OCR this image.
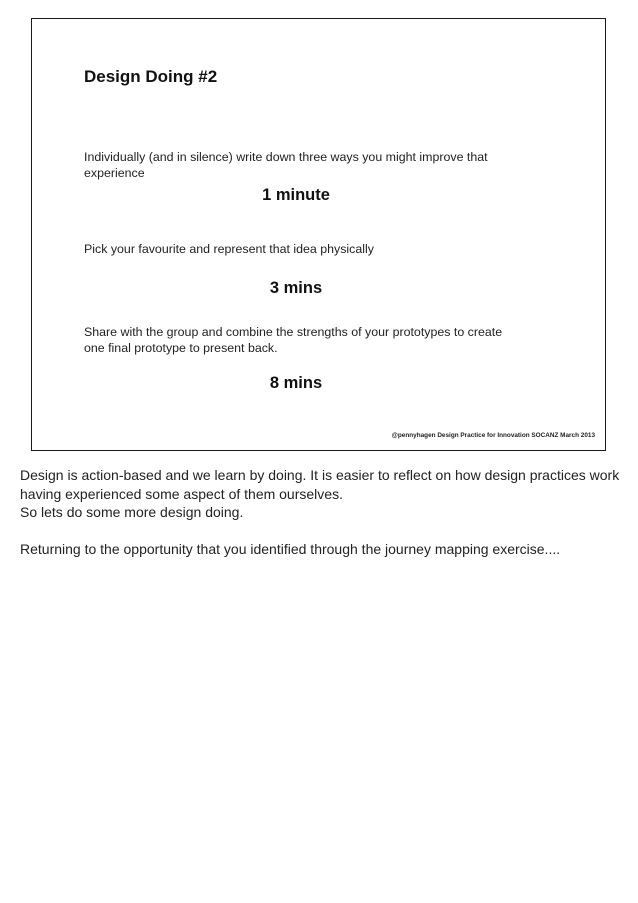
Design Doing #2

Individually (and in silence) write down three ways you might improve that experience

1 minute

Pick your favourite and represent that idea physically

3 mins

Share with the group and combine the strengths of your prototypes to create one final prototype to present back.

8 mins

@pennyhagen Design Practice for Innovation SOCANZ March 2013

Design is action-based and we learn by doing. It is easier to reflect on how design practices work having experienced some aspect of them ourselves.

So lets do some more design doing.

Returning to the opportunity that you identified through the journey mapping exercise....
